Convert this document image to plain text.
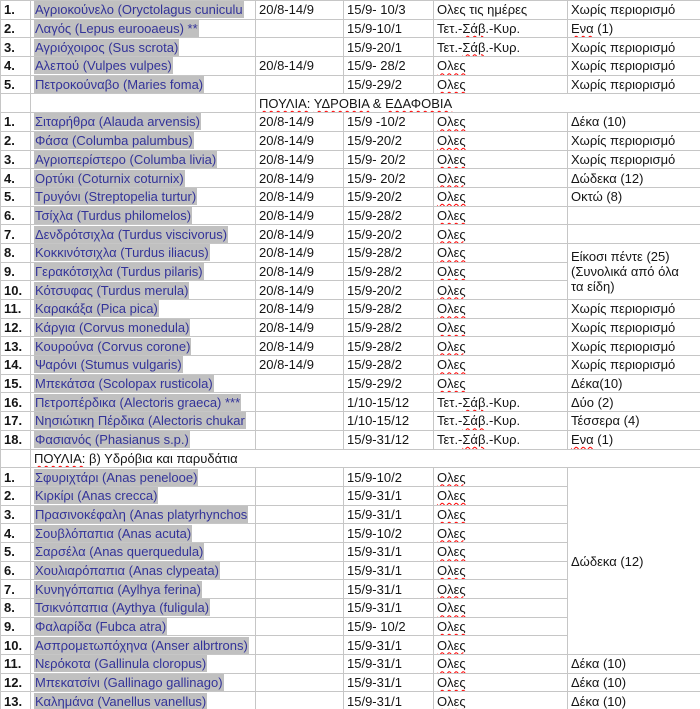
1.	Αγριοκούνελο (Oryctolagus cuniculu	20/8-14/9	15/9- 10/3	Ολες τις ημέρες	Χωρίς περιορισμό
2.	Λαγός (Lepus eurooaeus) **		15/9-10/1	Τετ.-Σάβ.-Κυρ.	Ενα (1)
3.	Αγριόχοιρος (Sus scrota)		15/9-20/1	Τετ.-Σάβ.-Κυρ.	Χωρίς περιορισμό
4.	Αλεπού (Vulpes vulpes)	20/8-14/9	15/9- 28/2	Ολες	Χωρίς περιορισμό
5.	Πετροκούναβο (Maries foma)		15/9-29/2	Ολες	Χωρίς περιορισμό
		ΠΟΥΛΙΑ: ΥΔΡΟΒΙΑ & ΕΔΑΦΟΒΙΑ			
1.	Σιταρήθρα (Alauda arvensis)	20/8-14/9	15/9 -10/2	Ολες	Δέκα (10)
2.	Φάσα (Columba palumbus)	20/8-14/9	15/9-20/2	Ολες	Χωρίς περιορισμό
3.	Αγριοπερίστερο (Columba livia)	20/8-14/9	15/9- 20/2	Ολες	Χωρίς περιορισμό
4.	Ορτύκι (Coturnix coturnix)	20/8-14/9	15/9- 20/2	Ολες	Δώδεκα (12)
5.	Τρυγόνι (Streptopelia turtur)	20/8-14/9	15/9-20/2	Ολες	Οκτώ (8)
6.	Τσίχλα (Turdus philomelos)	20/8-14/9	15/9-28/2	Ολες	
7.	Δενδρότσιχλα (Turdus viscivorus)	20/8-14/9	15/9-20/2	Ολες	
8.	Κοκκινότσιχλα (Turdus iliacus)	20/8-14/9	15/9-28/2	Ολες	Είκοσι πέντε (25)
(Συνολικά από όλα
τα είδη)
9.	Γερακότσιχλα (Turdus pilaris)	20/8-14/9	15/9-28/2	Ολες	
10.	Κότσυφας (Turdus merula)	20/8-14/9	15/9-20/2	Ολες	
11.	Καρακάξα (Pica pica)	20/8-14/9	15/9-28/2	Ολες	Χωρίς περιορισμό
12.	Κάργια (Corvus monedula)	20/8-14/9	15/9-28/2	Ολες	Χωρίς περιορισμό
13.	Κουρούνα (Corvus corone)	20/8-14/9	15/9-28/2	Ολες	Χωρίς περιορισμό
14.	Ψαρόνι (Stumus vulgaris)	20/8-14/9	15/9-28/2	Ολες	Χωρίς περιορισμό
15.	Μπεκάτσα (Scolopax rusticola)		15/9-29/2	Ολες	Δέκα(10)
16.	Πετροπέρδικα (Alectoris graeca) ***		1/10-15/12	Τετ.-Σάβ.-Κυρ.	Δύο (2)
17.	Νησιώτικη Πέρδικα (Alectoris chukar		1/10-15/12	Τετ.-Σάβ.-Κυρ.	Τέσσερα (4)
18.	Φασιανός (Phasianus s.p.)		15/9-31/12	Τετ.-Σάβ.-Κυρ.	Ενα (1)
	ΠΟΥΛΙΑ: β) Υδρόβια και παρυδάτια				
1.	Σφυριχτάρι (Anas penelooe)		15/9-10/2	Ολες	Δώδεκα (12)
2.	Κιρκίρι (Anas crecca)		15/9-31/1	Ολες	
3.	Πρασινοκέφαλη (Anas platyrhynchos		15/9-31/1	Ολες	
4.	Σουβλόπαπια (Anas acuta)		15/9-10/2	Ολες	
5.	Σαρσέλα (Anas querquedula)		15/9-31/1	Ολες	
6.	Χουλιαρόπαπια (Anas clypeata)		15/9-31/1	Ολες	
7.	Κυνηγόπαπια (Aylhya ferina)		15/9-31/1	Ολες	
8.	Τσικνόπαπια (Aythya (fuligula)		15/9-31/1	Ολες	
9.	Φαλαρίδα (Fubca atra)		15/9- 10/2	Ολες	
10.	Ασπρομετωπόχηνα (Anser albrtrons)		15/9-31/1	Ολες	
11.	Νερόκοτα (Gallinula cloropus)		15/9-31/1	Ολες	Δέκα (10)
12.	Μπεκατσίνι (Gallinago gallinago)		15/9-31/1	Ολες	Δέκα (10)
13.	Καλημάνα (Vanellus vanellus)		15/9-31/1	Ολες	Δέκα (10)
